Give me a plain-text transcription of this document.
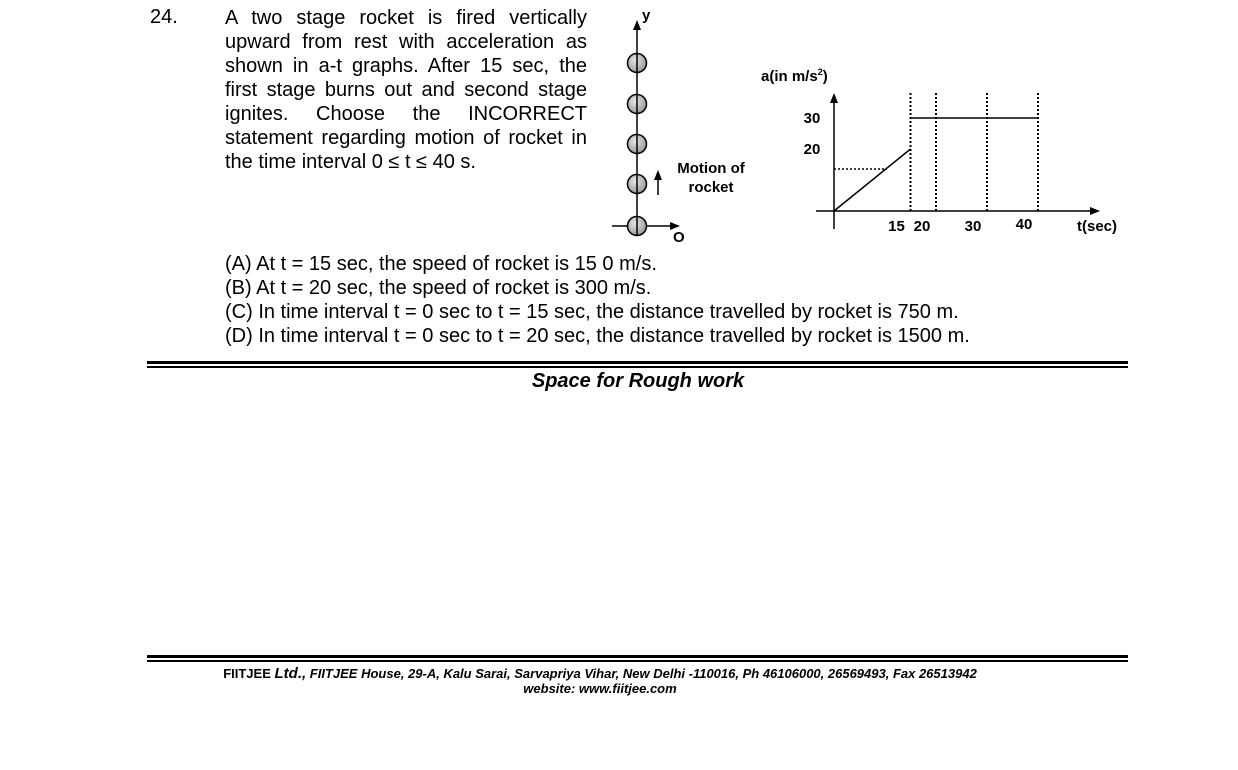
24. A two stage rocket is fired vertically upward from rest with acceleration as shown in a-t graphs. After 15 sec, the first stage burns out and second stage ignites. Choose the INCORRECT statement regarding motion of rocket in the time interval 0 ≤ t ≤ 40 s.

y
O
Motion of
rocket
a(in $m/s^2$)
t(sec)
15 20 30 40
30
20
(A) At t = 15 sec, the speed of rocket is 15 0 m/s.
(B) At t = 20 sec, the speed of rocket is 300 m/s.
(C) In time interval t = 0 sec to t = 15 sec, the distance travelled by rocket is 750 m.
(D) In time interval t = 0 sec to t = 20 sec, the distance travelled by rocket is 1500 m.
Space for Rough work
FIITJEE Ltd., FIITJEE House, 29-A, Kalu Sarai, Sarvapriya Vihar, New Delhi -110016, Ph 46106000, 26569493, Fax 26513942
website: www.fiitjee.com
